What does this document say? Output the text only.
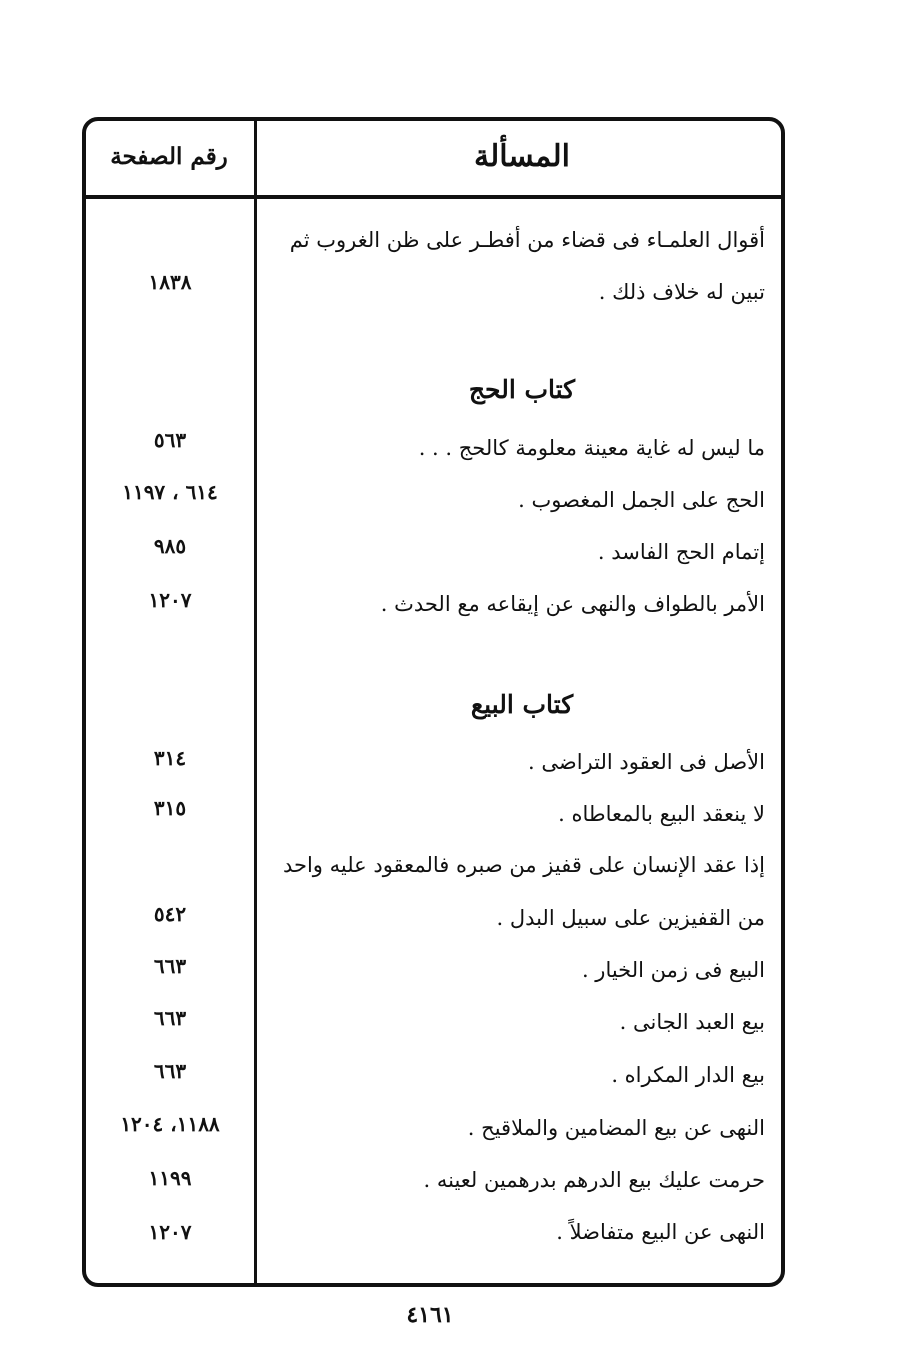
المسألة
رقم الصفحة
أقوال العلمـاء فى قضاء من أفطـر على ظن الغروب ثم
تبين له خلاف ذلك .
١٨٣٨
كتاب الحج
ما ليس له غاية معينة معلومة كالحج . . .
٥٦٣
الحج على الجمل المغصوب .
٦١٤ ، ١١٩٧
إتمام الحج الفاسد .
٩٨٥
الأمر بالطواف والنهى عن إيقاعه مع الحدث .
١٢٠٧
كتاب البيع
الأصل فى العقود التراضى .
٣١٤
لا ينعقد البيع بالمعاطاه .
٣١٥
إذا عقد الإنسان على قفيز من صبره فالمعقود عليه واحد
من القفيزين على سبيل البدل .
٥٤٢
البيع فى زمن الخيار .
٦٦٣
بيع العبد الجانى .
٦٦٣
بيع الدار المكراه .
٦٦٣
النهى عن بيع المضامين والملاقيح .
١١٨٨، ١٢٠٤
حرمت عليك بيع الدرهم بدرهمين لعينه .
١١٩٩
النهى عن البيع متفاضلاً .
١٢٠٧
٤١٦١
